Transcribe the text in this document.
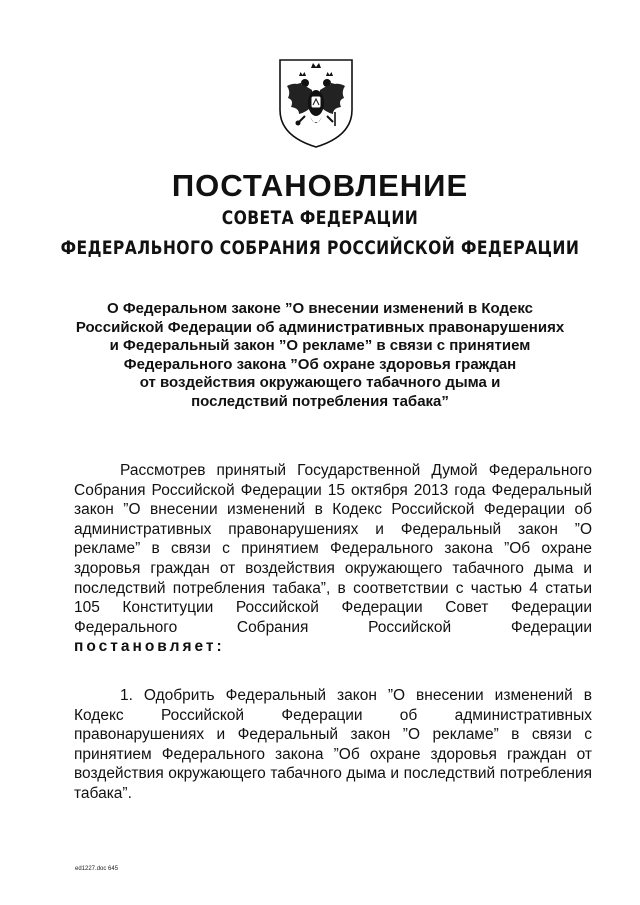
ПОСТАНОВЛЕНИЕ
СОВЕТА ФЕДЕРАЦИИ
ФЕДЕРАЛЬНОГО СОБРАНИЯ РОССИЙСКОЙ ФЕДЕРАЦИИ
О Федеральном законе ”О внесении изменений в Кодекс
Российской Федерации об административных правонарушениях
и Федеральный закон ”О рекламе” в связи с принятием
Федерального закона ”Об охране здоровья граждан
от воздействия окружающего табачного дыма и
последствий потребления табака”
Рассмотрев принятый Государственной Думой Федерального Собрания Российской Федерации 15 октября 2013 года Федеральный закон ”О внесении изменений в Кодекс Российской Федерации об административных правонарушениях и Федеральный закон ”О рекламе” в связи с принятием Федерального закона ”Об охране здоровья граждан от воздействия окружающего табачного дыма и последствий потребления табака”, в соответствии с частью 4 статьи 105 Конституции Российской Федерации Совет Федерации Федерального Собрания Российской Федерации
постановляет:
1. Одобрить Федеральный закон ”О внесении изменений в Кодекс Российской Федерации об административных правонарушениях и Федеральный закон ”О рекламе” в связи с принятием Федерального закона ”Об охране здоровья граждан от воздействия окружающего табачного дыма и последствий потребления табака”.
ed1227.doc 645
